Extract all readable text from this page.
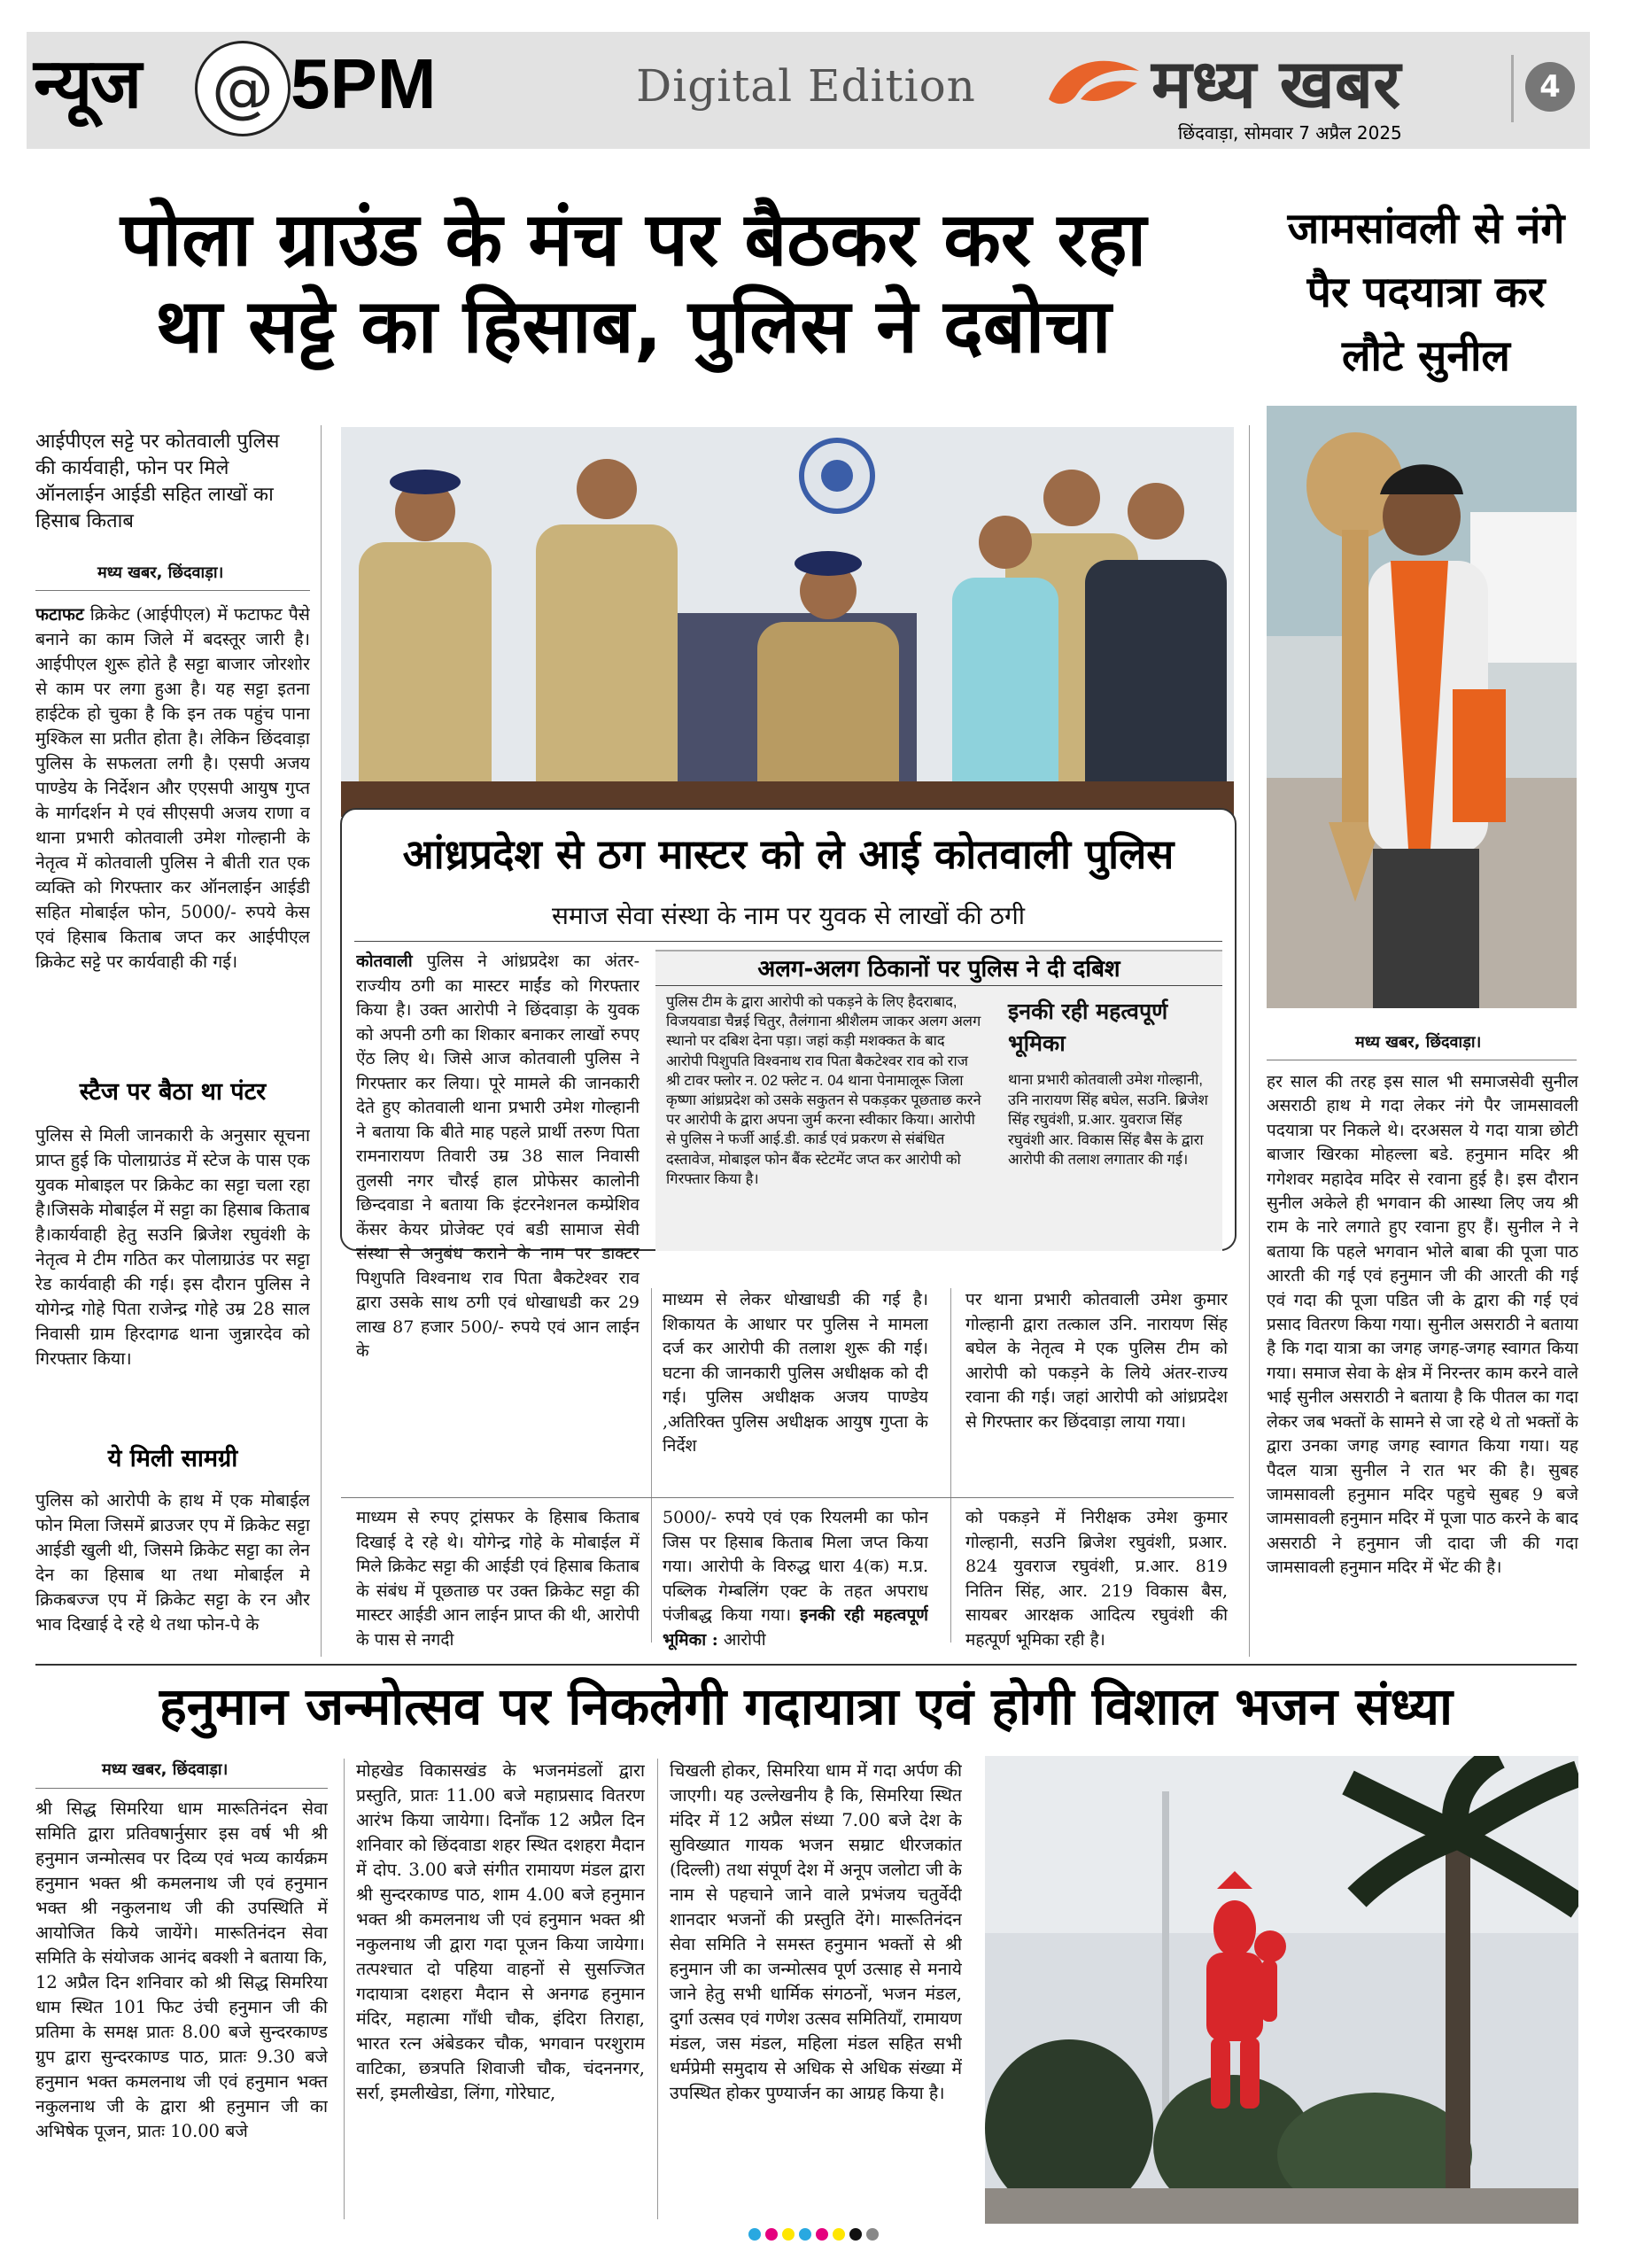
न्यूज @ 5PM	Digital Edition	मध्य खबर
छिंदवाड़ा, सोमवार 7 अप्रैल 2025
4
पोला ग्राउंड के मंच पर बैठकर कर रहा
था सट्टे का हिसाब, पुलिस ने दबोचा
जामसांवली से नंगे पैर पदयात्रा कर लौटे सुनील
आईपीएल सट्टे पर कोतवाली पुलिस की कार्यवाही, फोन पर मिले ऑनलाईन आईडी सहित लाखों का हिसाब किताब
मध्य खबर, छिंदवाड़ा।
फटाफट क्रिकेट (आईपीएल) में फटाफट पैसे बनाने का काम जिले में बदस्तूर जारी है। आईपीएल शुरू होते है सट्टा बाजार जोरशोर से काम पर लगा हुआ है। यह सट्टा इतना हाईटेक हो चुका है कि इन तक पहुंच पाना मुश्किल सा प्रतीत होता है। लेकिन छिंदवाड़ा पुलिस के सफलता लगी है। एसपी अजय पाण्डेय के निर्देशन और एएसपी आयुष गुप्त के मार्गदर्शन मे एवं सीएसपी अजय राणा व थाना प्रभारी कोतवाली उमेश गोल्हानी के नेतृत्व में कोतवाली पुलिस ने बीती रात एक व्यक्ति को गिरफ्तार कर ऑनलाईन आईडी सहित मोबाईल फोन, 5000/- रुपये केस एवं हिसाब किताब जप्त कर आईपीएल क्रिकेट सट्टे पर कार्यवाही की गई।
स्टैज पर बैठा था पंटर
पुलिस से मिली जानकारी के अनुसार सूचना प्राप्त हुई कि पोलाग्राउंड में स्टेज के पास एक युवक मोबाइल पर क्रिकेट का सट्टा चला रहा है।जिसके मोबाईल में सट्टा का हिसाब किताब है।कार्यवाही हेतु सउनि ब्रिजेश रघुवंशी के नेतृत्व मे टीम गठित कर पोलाग्राउंड पर सट्टा रेड कार्यवाही की गई। इस दौरान पुलिस ने योगेन्द्र गोहे पिता राजेन्द्र गोहे उम्र 28 साल निवासी ग्राम हिरदागढ थाना जुन्नारदेव को गिरफ्तार किया।
ये मिली सामग्री
पुलिस को आरोपी के हाथ में एक मोबाईल फोन मिला जिसमें ब्राउजर एप में क्रिकेट सट्टा आईडी खुली थी, जिसमे क्रिकेट सट्टा का लेन देन का हिसाब था तथा मोबाईल मे क्रिकबज्ज एप में क्रिकेट सट्टा के रन और भाव दिखाई दे रहे थे तथा फोन-पे के
आंध्रप्रदेश से ठग मास्टर को ले आई कोतवाली पुलिस
समाज सेवा संस्था के नाम पर युवक से लाखों की ठगी
कोतवाली पुलिस ने आंध्रप्रदेश का अंतर-राज्यीय ठगी का मास्टर माईंड को गिरफ्तार किया है। उक्त आरोपी ने छिंदवाड़ा के युवक को अपनी ठगी का शिकार बनाकर लाखों रुपए ऐंठ लिए थे। जिसे आज कोतवाली पुलिस ने गिरफ्तार कर लिया। पूरे मामले की जानकारी देते हुए कोतवाली थाना प्रभारी उमेश गोल्हानी ने बताया कि बीते माह पहले प्रार्थी तरुण पिता रामनारायण तिवारी उम्र 38 साल निवासी तुलसी नगर चौरई हाल प्रोफेसर कालोनी छिन्दवाडा ने बताया कि इंटरनेशनल कम्प्रेशिव केंसर केयर प्रोजेक्ट एवं बडी सामाज सेवी संस्था से अनुबंध कराने के नाम पर डाक्टर पिशुपति विश्वनाथ राव पिता बैकटेश्वर राव द्वारा उसके साथ ठगी एवं धोखाधडी कर 29 लाख 87 हजार 500/- रुपये एवं आन लाईन के
अलग-अलग ठिकानों पर पुलिस ने दी दबिश
पुलिस टीम के द्वारा आरोपी को पकड़ने के लिए हैदराबाद, विजयवाडा चैन्नई चितुर, तैलंगाना श्रीशैलम जाकर अलग अलग स्थानो पर दबिश देना पड़ा। जहां कड़ी मशक्कत के बाद आरोपी पिशुपति विश्वनाथ राव पिता बैकटेश्वर राव को राज श्री टावर फ्लोर न. 02 फ्लेट न. 04 थाना पेनामालूरू जिला कृष्णा आंध्रप्रदेश को उसके सकुतन से पकड़कर पूछताछ करने पर आरोपी के द्वारा अपना जुर्म करना स्वीकार किया। आरोपी से पुलिस ने फर्जी आई.डी. कार्ड एवं प्रकरण से संबंधित दस्तावेज, मोबाइल फोन बैंक स्टेटमेंट जप्त कर आरोपी को गिरफ्तार किया है।
इनकी रही महत्वपूर्ण भूमिका
थाना प्रभारी कोतवाली उमेश गोल्हानी, उनि नारायण सिंह बघेल, सउनि. ब्रिजेश सिंह रघुवंशी, प्र.आर. युवराज सिंह रघुवंशी आर. विकास सिंह बैस के द्वारा आरोपी की तलाश लगातार की गई।
माध्यम से लेकर धोखाधडी की गई है। शिकायत के आधार पर पुलिस ने मामला दर्ज कर आरोपी की तलाश शुरू की गई। घटना की जानकारी पुलिस अधीक्षक को दी गई। पुलिस अधीक्षक अजय पाण्डेय ,अतिरिक्त पुलिस अधीक्षक आयुष गुप्ता के निर्देश
पर थाना प्रभारी कोतवाली उमेश कुमार गोल्हानी द्वारा तत्काल उनि. नारायण सिंह बघेल के नेतृत्व मे एक पुलिस टीम को आरोपी को पकड़ने के लिये अंतर-राज्य रवाना की गई। जहां आरोपी को आंध्रप्रदेश से गिरफ्तार कर छिंदवाड़ा लाया गया।
माध्यम से रुपए ट्रांसफर के हिसाब किताब दिखाई दे रहे थे। योगेन्द्र गोहे के मोबाईल में मिले क्रिकेट सट्टा की आईडी एवं हिसाब किताब के संबंध में पूछताछ पर उक्त क्रिकेट सट्टा की मास्टर आईडी आन लाईन प्राप्त की थी, आरोपी के पास से नगदी
5000/- रुपये एवं एक रियलमी का फोन जिस पर हिसाब किताब मिला जप्त किया गया। आरोपी के विरुद्ध धारा 4(क) म.प्र. पब्लिक गेम्बलिंग एक्ट के तहत अपराध पंजीबद्ध किया गया। इनकी रही महत्वपूर्ण भूमिका : आरोपी
को पकड़ने में निरीक्षक उमेश कुमार गोल्हानी, सउनि ब्रिजेश रघुवंशी, प्रआर. 824 युवराज रघुवंशी, प्र.आर. 819 नितिन सिंह, आर. 219 विकास बैस, सायबर आरक्षक आदित्य रघुवंशी की महत्पूर्ण भूमिका रही है।
मध्य खबर, छिंदवाड़ा।
हर साल की तरह इस साल भी समाजसेवी सुनील असराठी हाथ मे गदा लेकर नंगे पैर जामसावली पदयात्रा पर निकले थे। दरअसल ये गदा यात्रा छोटी बाजार खिरका मोहल्ला बडे. हनुमान मदिर श्री गगेशवर महादेव मदिर से रवाना हुई है। इस दौरान सुनील अकेले ही भगवान की आस्था लिए जय श्री राम के नारे लगाते हुए रवाना हुए हैं। सुनील ने ने बताया कि पहले भगवान भोले बाबा की पूजा पाठ आरती की गई एवं हनुमान जी की आरती की गई एवं गदा की पूजा पडित जी के द्वारा की गई एवं प्रसाद वितरण किया गया। सुनील असराठी ने बताया है कि गदा यात्रा का जगह जगह-जगह स्वागत किया गया। समाज सेवा के क्षेत्र में निरन्तर काम करने वाले भाई सुनील असराठी ने बताया है कि पीतल का गदा लेकर जब भक्तों के सामने से जा रहे थे तो भक्तों के द्वारा उनका जगह जगह स्वागत किया गया। यह पैदल यात्रा सुनील ने रात भर की है। सुबह जामसावली हनुमान मदिर पहुचे सुबह 9 बजे जामसावली हनुमान मदिर में पूजा पाठ करने के बाद असराठी ने हनुमान जी दादा जी की गदा जामसावली हनुमान मदिर में भेंट की है।
हनुमान जन्मोत्सव पर निकलेगी गदायात्रा एवं होगी विशाल भजन संध्या
मध्य खबर, छिंदवाड़ा।
श्री सिद्ध सिमरिया धाम मारूतिनंदन सेवा समिति द्वारा प्रतिवषार्नुसार इस वर्ष भी श्री हनुमान जन्मोत्सव पर दिव्य एवं भव्य कार्यक्रम हनुमान भक्त श्री कमलनाथ जी एवं हनुमान भक्त श्री नकुलनाथ जी की उपस्थिति में आयोजित किये जायेंगे। मारूतिनंदन सेवा समिति के संयोजक आनंद बक्शी ने बताया कि, 12 अप्रैल दिन शनिवार को श्री सिद्ध सिमरिया धाम स्थित 101 फिट उंची हनुमान जी की प्रतिमा के समक्ष प्रातः 8.00 बजे सुन्दरकाण्ड ग्रुप द्वारा सुन्दरकाण्ड पाठ, प्रातः 9.30 बजे हनुमान भक्त कमलनाथ जी एवं हनुमान भक्त नकुलनाथ जी के द्वारा श्री हनुमान जी का अभिषेक पूजन, प्रातः 10.00 बजे
मोहखेड विकासखंड के भजनमंडलों द्वारा प्रस्तुति, प्रातः 11.00 बजे महाप्रसाद वितरण आरंभ किया जायेगा। दिनाँक 12 अप्रैल दिन शनिवार को छिंदवाडा शहर स्थित दशहरा मैदान में दोप. 3.00 बजे संगीत रामायण मंडल द्वारा श्री सुन्दरकाण्ड पाठ, शाम 4.00 बजे हनुमान भक्त श्री कमलनाथ जी एवं हनुमान भक्त श्री नकुलनाथ जी द्वारा गदा पूजन किया जायेगा। तत्पश्चात दो पहिया वाहनों से सुसज्जित गदायात्रा दशहरा मैदान से अनगढ हनुमान मंदिर, महात्मा गाँधी चौक, इंदिरा तिराहा, भारत रत्न अंबेडकर चौक, भगवान परशुराम वाटिका, छत्रपति शिवाजी चौक, चंदननगर, सर्रा, इमलीखेडा, लिंगा, गोरेघाट,
चिखली होकर, सिमरिया धाम में गदा अर्पण की जाएगी। यह उल्लेखनीय है कि, सिमरिया स्थित मंदिर में 12 अप्रैल संध्या 7.00 बजे देश के सुविख्यात गायक भजन सम्राट धीरजकांत (दिल्ली) तथा संपूर्ण देश में अनूप जलोटा जी के नाम से पहचाने जाने वाले प्रभंजय चतुर्वेदी शानदार भजनों की प्रस्तुति देंगे। मारूतिनंदन सेवा समिति ने समस्त हनुमान भक्तों से श्री हनुमान जी का जन्मोत्सव पूर्ण उत्साह से मनाये जाने हेतु सभी धार्मिक संगठनों, भजन मंडल, दुर्गा उत्सव एवं गणेश उत्सव समितियाँ, रामायण मंडल, जस मंडल, महिला मंडल सहित सभी धर्मप्रेमी समुदाय से अधिक से अधिक संख्या में उपस्थित होकर पुण्यार्जन का आग्रह किया है।
